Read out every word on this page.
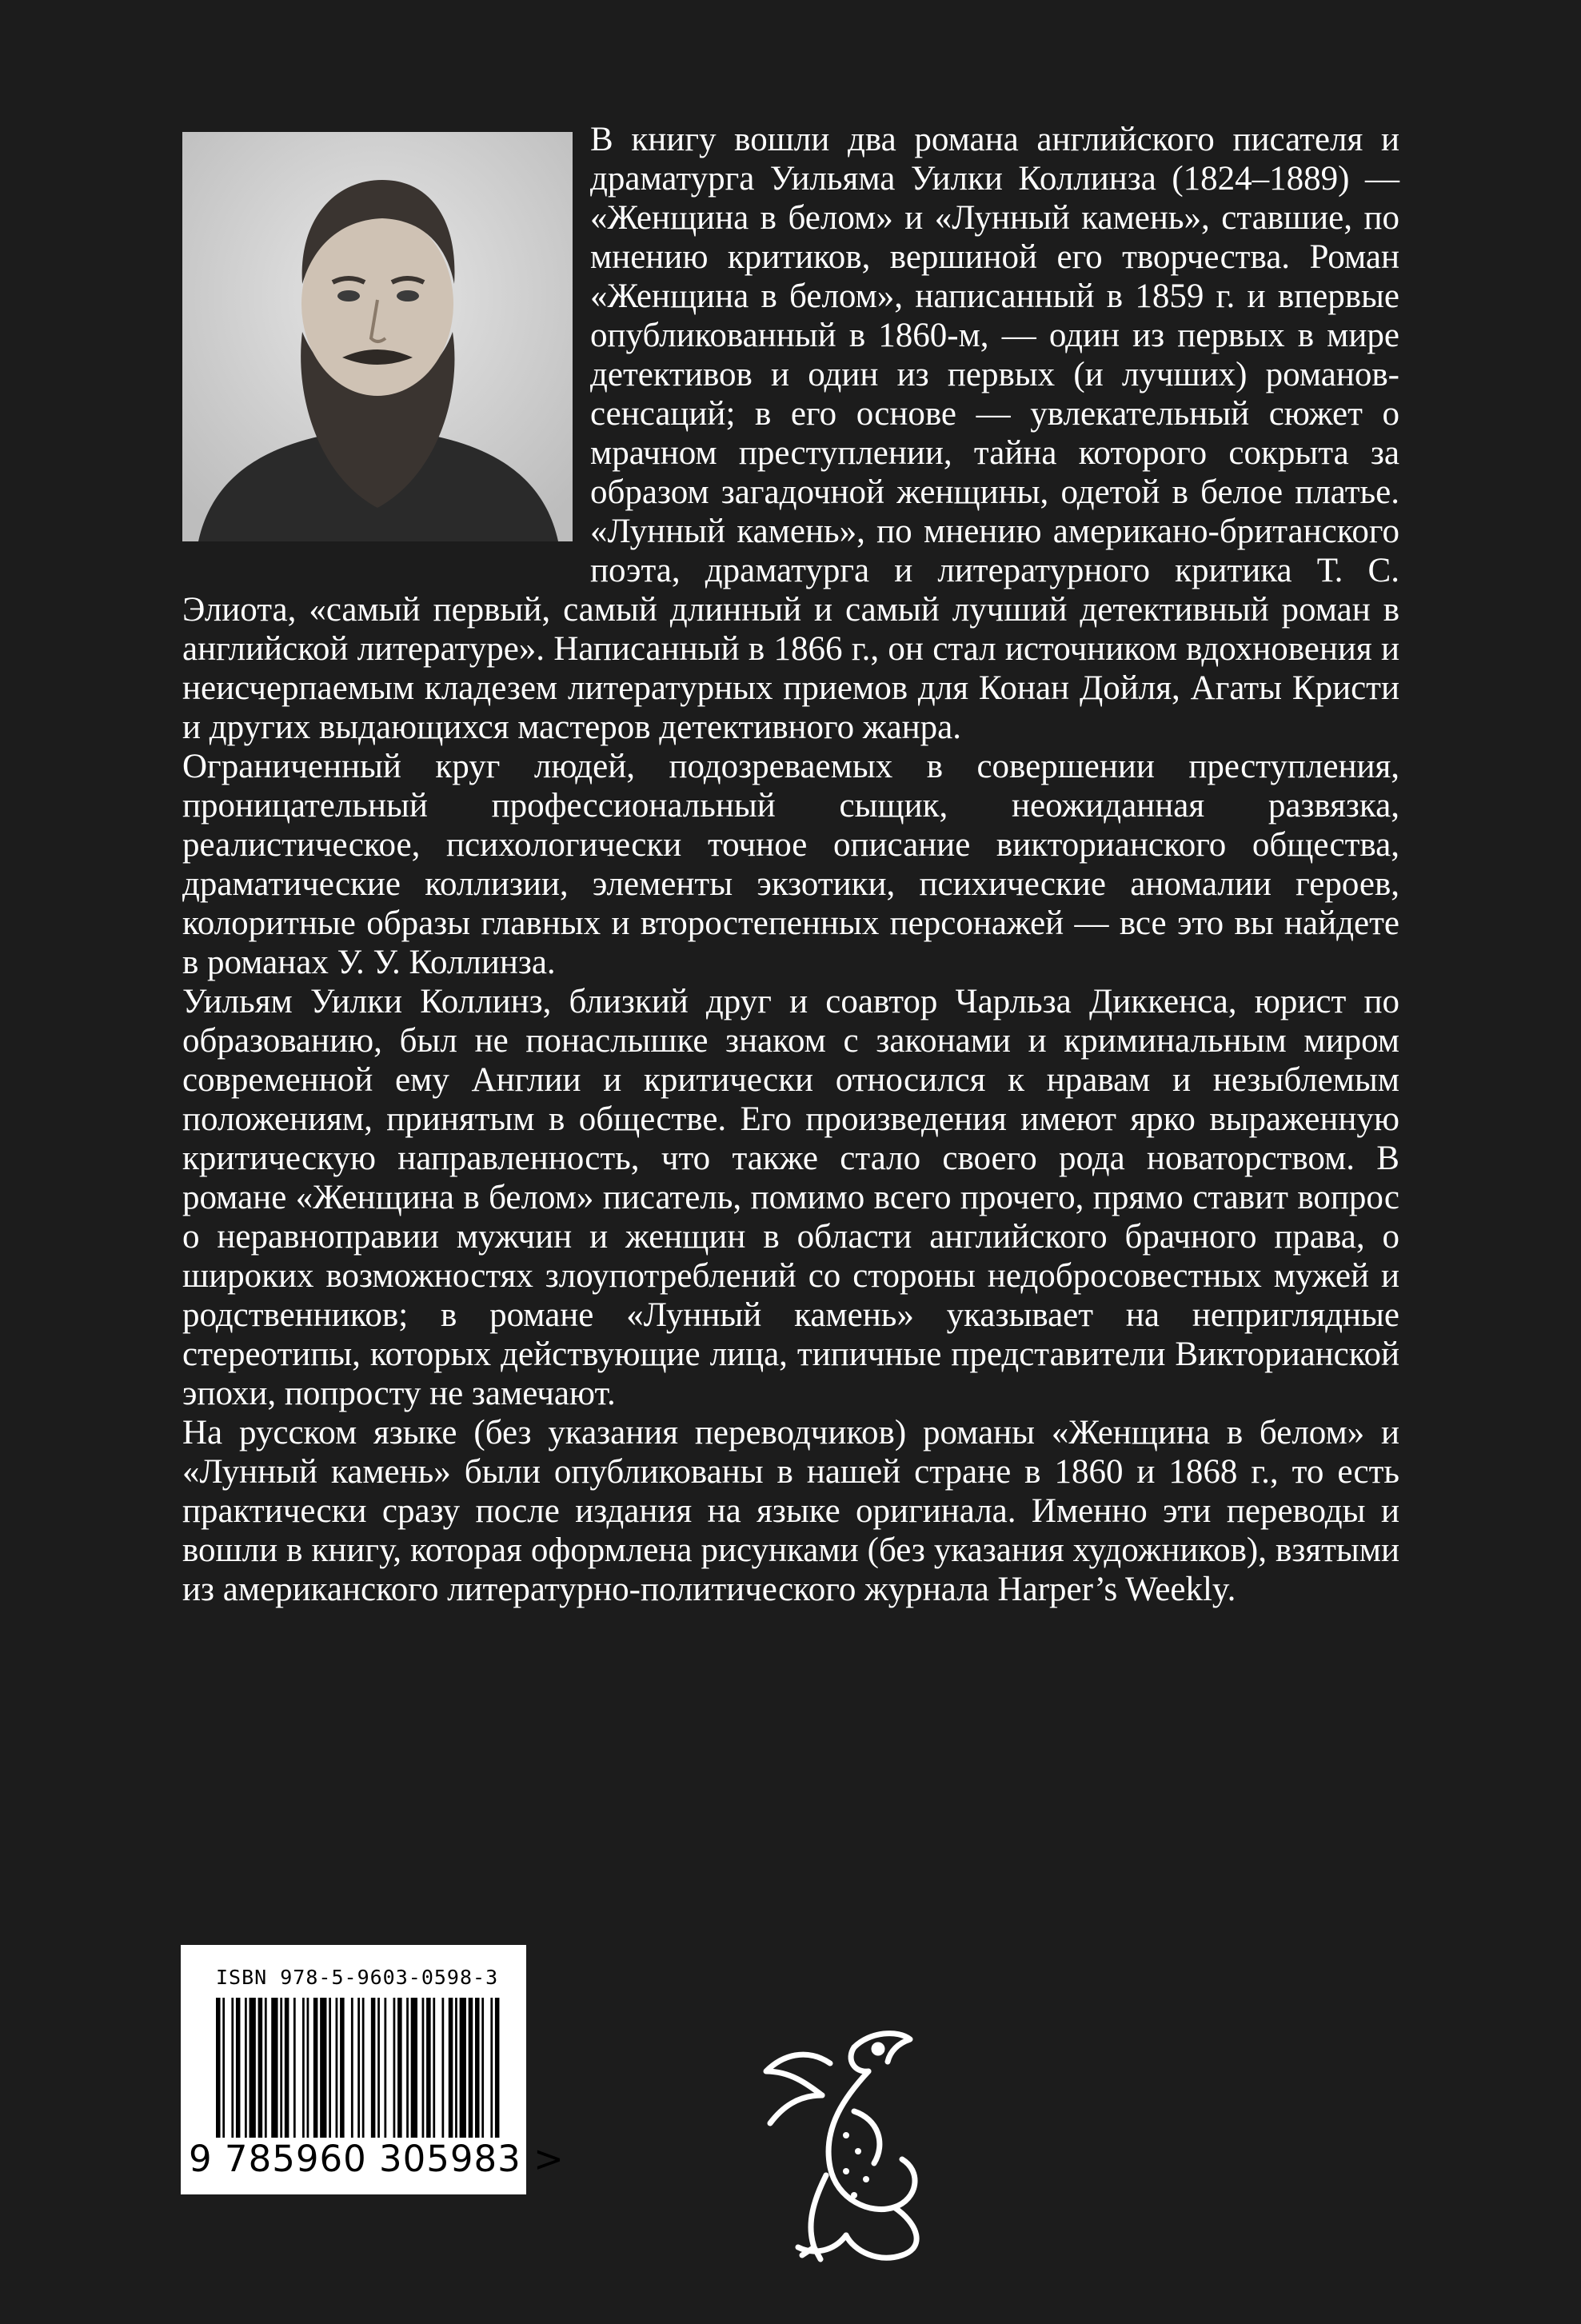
В книгу вошли два романа английского писателя и драматурга Уильяма Уилки Коллинза (1824–1889) — «Женщина в белом» и «Лунный камень», ставшие, по мнению критиков, вершиной его творчества. Роман «Женщина в белом», написанный в 1859 г. и впервые опубликованный в 1860-м, — один из первых в мире детективов и один из первых (и лучших) романов-сенсаций; в его основе — увлекательный сюжет о мрачном преступлении, тайна которого сокрыта за образом загадочной женщины, одетой в белое платье. «Лунный камень», по мнению американо-британского поэта, драматурга и литературного критика Т. С. Элиота, «самый первый, самый длинный и самый лучший детективный роман в английской литературе». Написанный в 1866 г., он стал источником вдохновения и неисчерпаемым кладезем литературных приемов для Конан Дойля, Агаты Кристи и других выдающихся мастеров детективного жанра.

Ограниченный круг людей, подозреваемых в совершении преступления, проницательный профессиональный сыщик, неожиданная развязка, реалистическое, психологически точное описание викторианского общества, драматические коллизии, элементы экзотики, психические аномалии героев, колоритные образы главных и второстепенных персонажей — все это вы найдете в романах У. У. Коллинза.

Уильям Уилки Коллинз, близкий друг и соавтор Чарльза Диккенса, юрист по образованию, был не понаслышке знаком с законами и криминальным миром современной ему Англии и критически относился к нравам и незыблемым положениям, принятым в обществе. Его произведения имеют ярко выраженную критическую направленность, что также стало своего рода новаторством. В романе «Женщина в белом» писатель, помимо всего прочего, прямо ставит вопрос о неравноправии мужчин и женщин в области английского брачного права, о широких возможностях злоупотреблений со стороны недобросовестных мужей и родственников; в романе «Лунный камень» указывает на неприглядные стереотипы, которых действующие лица, типичные представители Викторианской эпохи, попросту не замечают.

На русском языке (без указания переводчиков) романы «Женщина в белом» и «Лунный камень» были опубликованы в нашей стране в 1860 и 1868 г., то есть практически сразу после издания на языке оригинала. Именно эти переводы и вошли в книгу, которая оформлена рисунками (без указания художников), взятыми из американского литературно-политического журнала Harper’s Weekly.

ISBN 978-5-9603-0598-3
9 785960 305983 >
